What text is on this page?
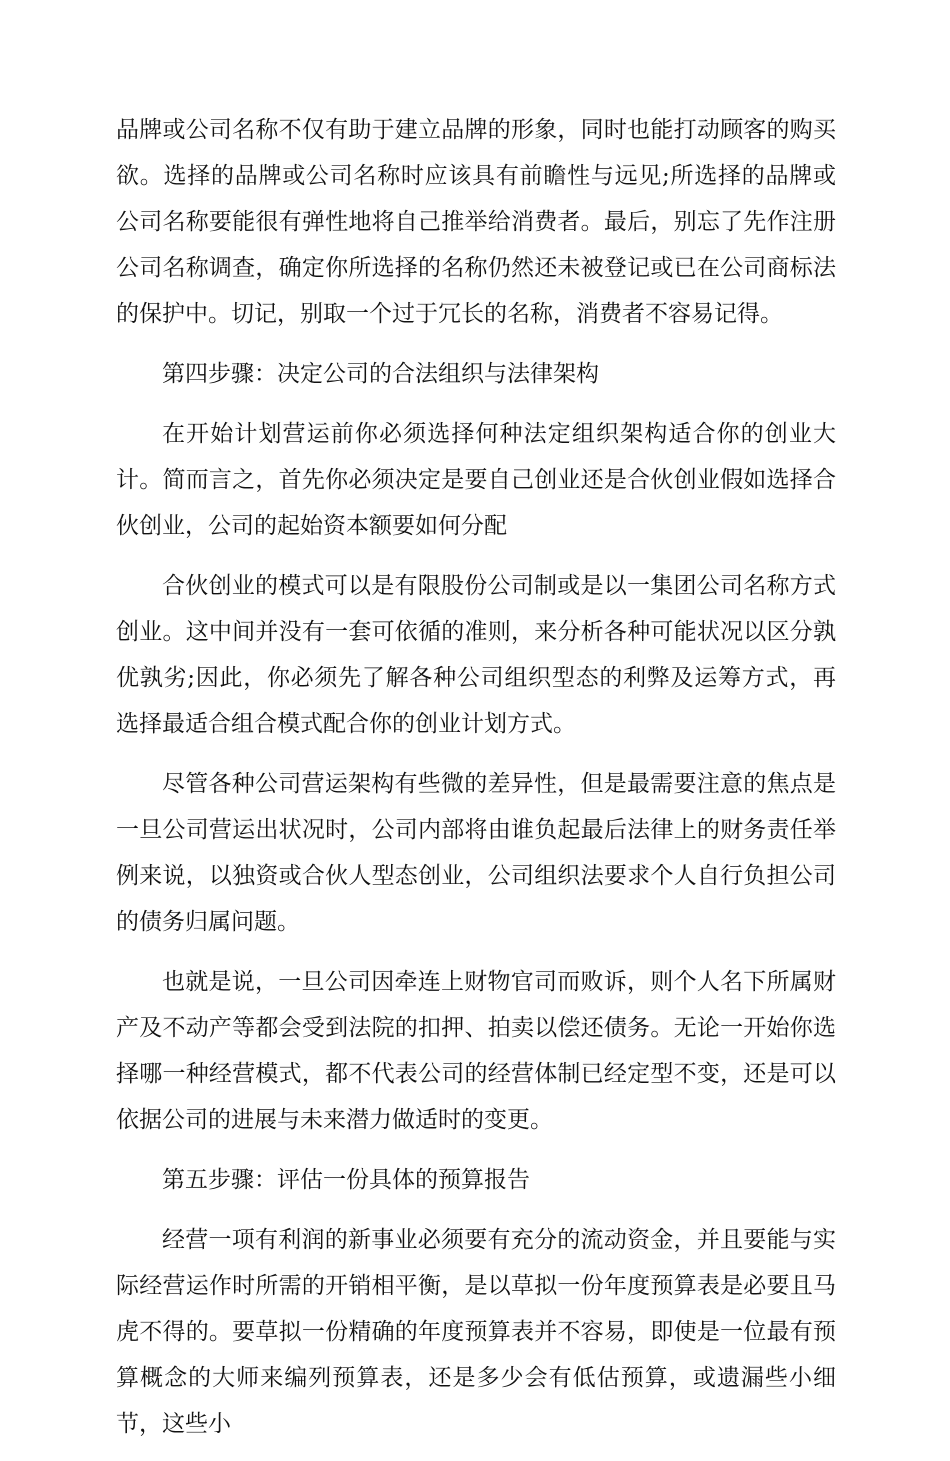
品牌或公司名称不仅有助于建立品牌的形象，同时也能打动顾客的购买欲。选择的品牌或公司名称时应该具有前瞻性与远见;所选择的品牌或公司名称要能很有弹性地将自己推举给消费者。最后，别忘了先作注册公司名称调查，确定你所选择的名称仍然还未被登记或已在公司商标法的保护中。切记，别取一个过于冗长的名称，消费者不容易记得。

第四步骤：决定公司的合法组织与法律架构

在开始计划营运前你必须选择何种法定组织架构适合你的创业大计。简而言之，首先你必须决定是要自己创业还是合伙创业假如选择合伙创业，公司的起始资本额要如何分配

合伙创业的模式可以是有限股份公司制或是以一集团公司名称方式创业。这中间并没有一套可依循的准则，来分析各种可能状况以区分孰优孰劣;因此，你必须先了解各种公司组织型态的利弊及运筹方式，再选择最适合组合模式配合你的创业计划方式。

尽管各种公司营运架构有些微的差异性，但是最需要注意的焦点是一旦公司营运出状况时，公司内部将由谁负起最后法律上的财务责任举例来说，以独资或合伙人型态创业，公司组织法要求个人自行负担公司的债务归属问题。

也就是说，一旦公司因牵连上财物官司而败诉，则个人名下所属财产及不动产等都会受到法院的扣押、拍卖以偿还债务。无论一开始你选择哪一种经营模式，都不代表公司的经营体制已经定型不变，还是可以依据公司的进展与未来潜力做适时的变更。

第五步骤：评估一份具体的预算报告

经营一项有利润的新事业必须要有充分的流动资金，并且要能与实际经营运作时所需的开销相平衡，是以草拟一份年度预算表是必要且马虎不得的。要草拟一份精确的年度预算表并不容易，即使是一位最有预算概念的大师来编列预算表，还是多少会有低估预算，或遗漏些小细节，这些小
